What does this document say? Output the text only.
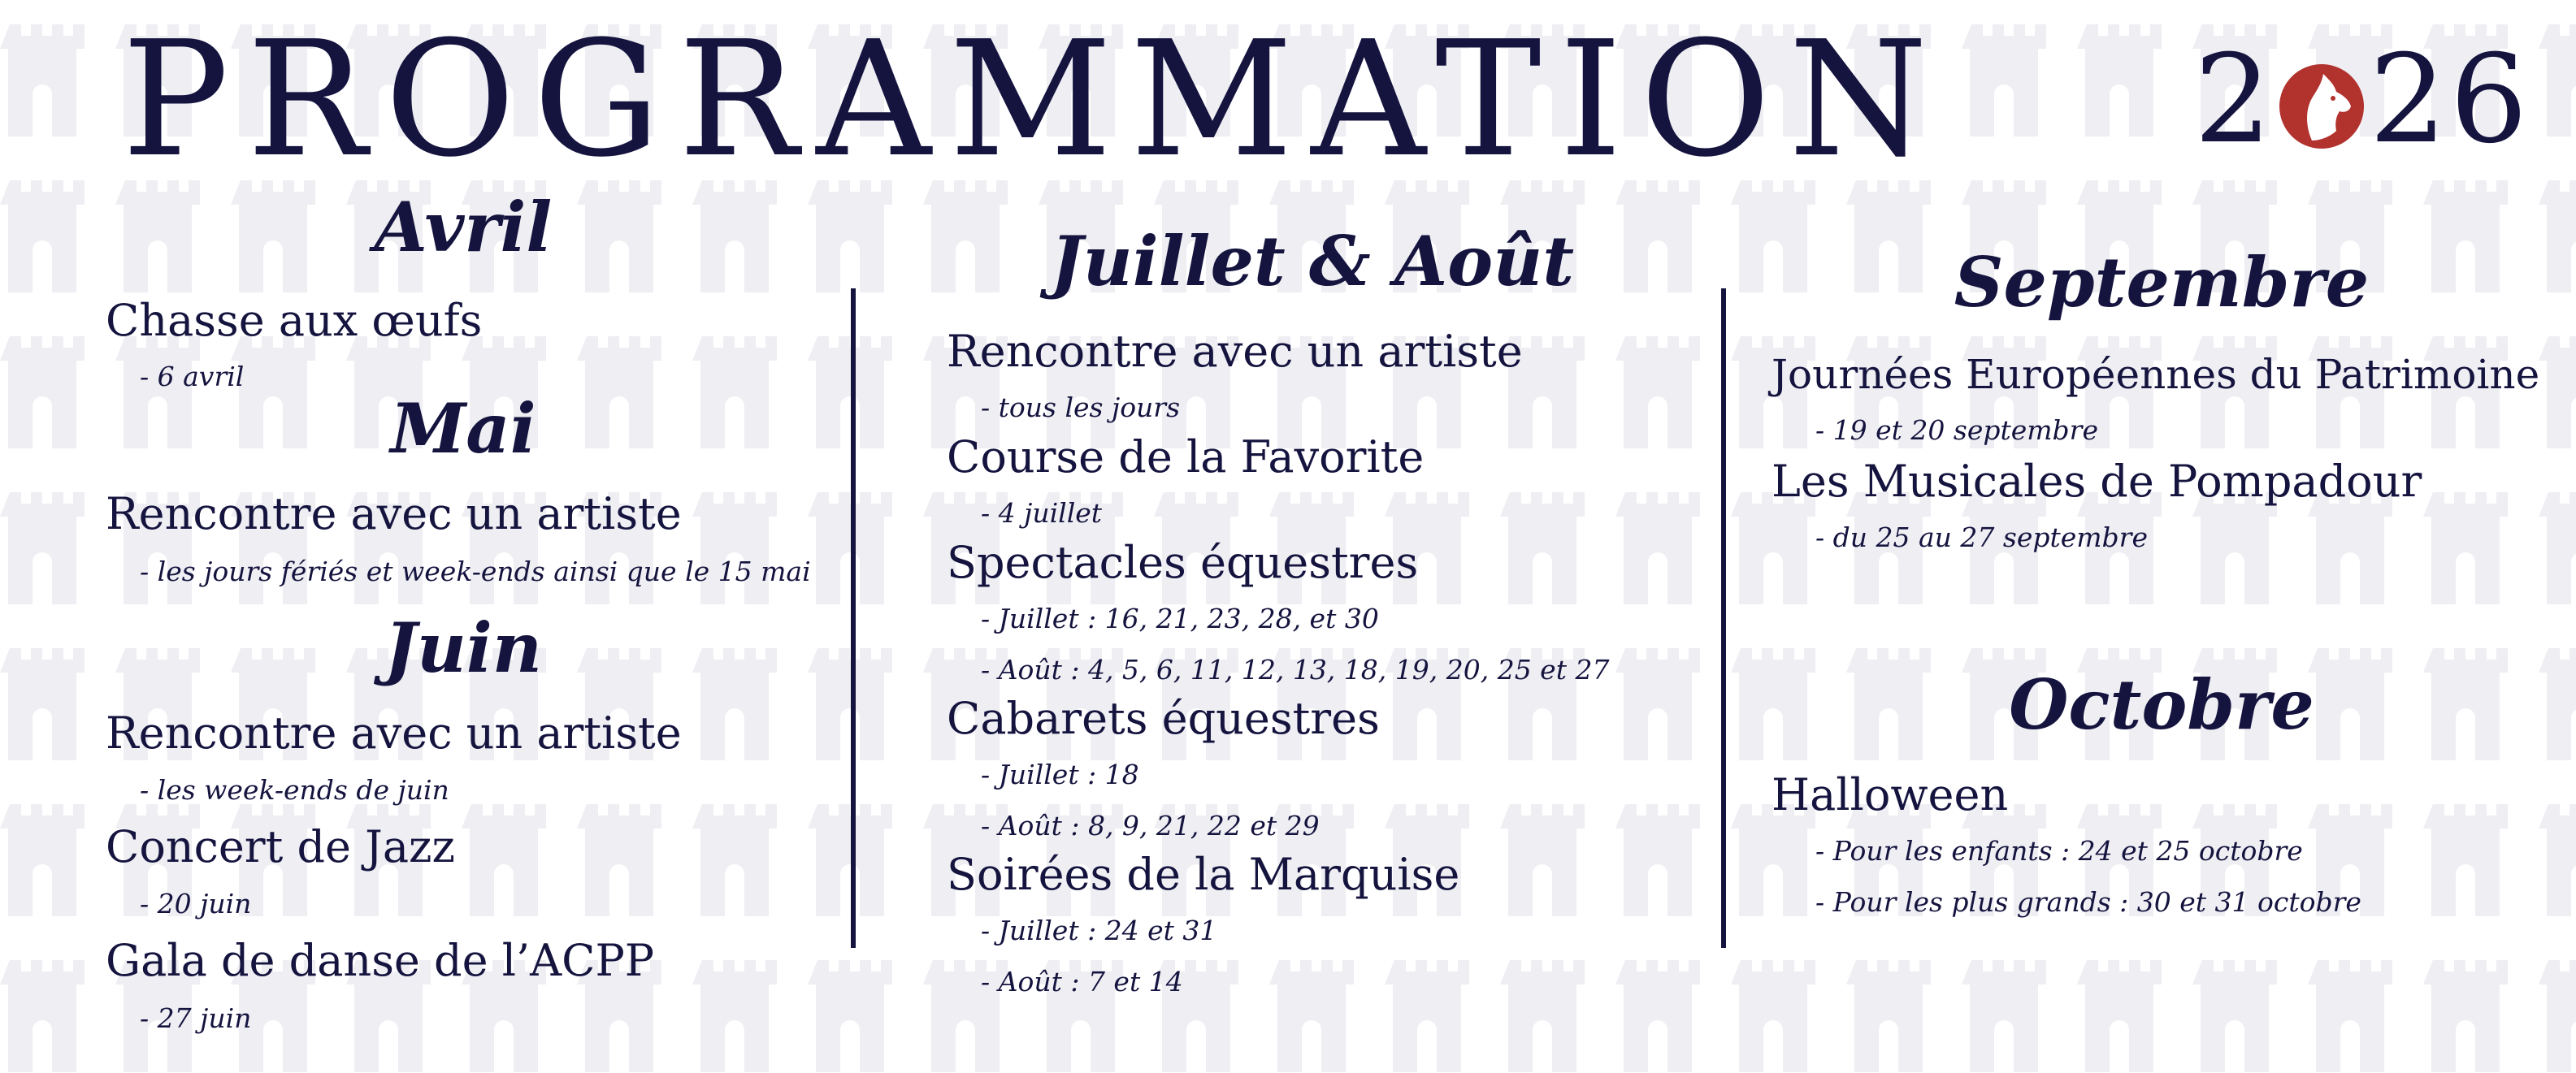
PROGRAMMATION 2 26
Avril
Chasse aux œufs
- 6 avril
Mai
Rencontre avec un artiste
- les jours fériés et week-ends ainsi que le 15 mai
Juin
Rencontre avec un artiste
- les week-ends de juin
Concert de Jazz
- 20 juin
Gala de danse de l’ACPP
- 27 juin
Juillet & Août
Rencontre avec un artiste
- tous les jours
Course de la Favorite
- 4 juillet
Spectacles équestres
- Juillet : 16, 21, 23, 28, et 30
- Août : 4, 5, 6, 11, 12, 13, 18, 19, 20, 25 et 27
Cabarets équestres
- Juillet : 18
- Août : 8, 9, 21, 22 et 29
Soirées de la Marquise
- Juillet : 24 et 31
- Août : 7 et 14
Septembre
Journées Européennes du Patrimoine
- 19 et 20 septembre
Les Musicales de Pompadour
- du 25 au 27 septembre
Octobre
Halloween
- Pour les enfants : 24 et 25 octobre
- Pour les plus grands : 30 et 31 octobre
